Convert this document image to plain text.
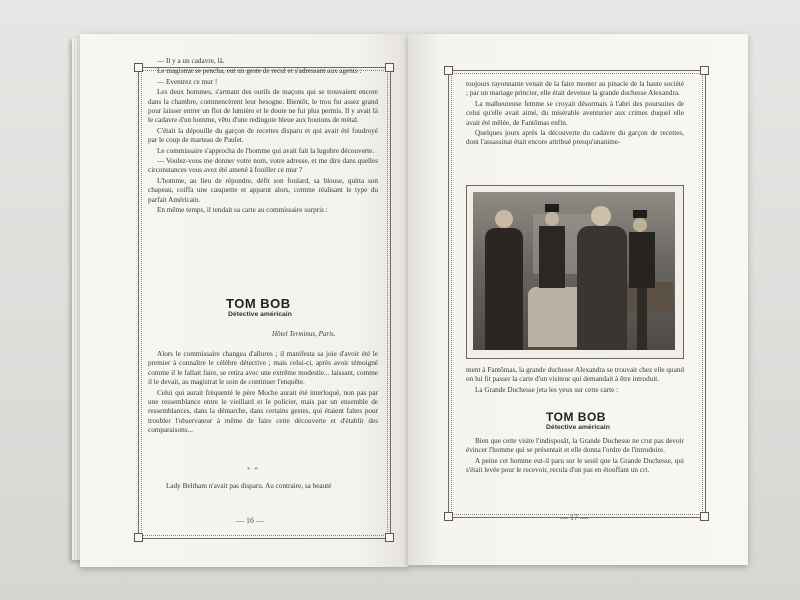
— Il y a un cadavre, là.

Le magistrat se pencha, eut un geste de recul et s'adressant aux agents :

— Eventrez ce mur !

Les deux hommes, s'armant des outils de maçons qui se trouvaient encore dans la chambre, commencèrent leur besogne. Bientôt, le trou fut assez grand pour laisser entrer un flot de lumière et le doute ne fut plus permis. Il y avait là le cadavre d'un homme, vêtu d'une redingote bleue aux boutons de métal.

C'était la dépouille du garçon de recettes disparu et qui avait été foudroyé par le coup de marteau de Paulet.

Le commissaire s'approcha de l'homme qui avait fait la lugubre découverte.

— Voulez-vous me donner votre nom, votre adresse, et me dire dans quelles circonstances vous avez été amené à fouiller ce mur ?

L'homme, au lieu de répondre, défit son foulard, sa blouse, quitta son chapeau, coiffa une casquette et apparut alors, comme réalisant le type du parfait Américain.

En même temps, il tendait sa carte au commissaire surpris :

TOM BOB
Détective américain
Hôtel Terminus, Paris.

Alors le commissaire changea d'allures ; il manifesta sa joie d'avoir été le premier à connaître le célèbre détective ; mais celui-ci, après avoir témoigné comme il le fallait faire, se retira avec une extrême modestie... laissant, comme il le devait, au magistrat le soin de continuer l'enquête.

Celui qui aurait fréquenté le père Moche aurait été interloqué, non pas par une ressemblance entre le vieillard et le policier, mais par un ensemble de ressemblances, dans la démarche, dans certains gestes, qui étaient faites pour troubler l'observateur à même de faire cette découverte et d'établir des comparaisons...

* *
Lady Beltham n'avait pas disparu. Au contraire, sa beauté
— 16 —

toujours rayonnante venait de la faire monter au pinacle de la haute société ; par un mariage princier, elle était devenue la grande duchesse Alexandra.

La malheureuse femme se croyait désormais à l'abri des poursuites de celui qu'elle avait aimé, du misérable aventurier aux crimes duquel elle avait été mêlée, de Fantômas enfin.

Quelques jours après la découverte du cadavre du garçon de recettes, dont l'assassinat était encore attribué presqu'unanime-

ment à Fantômas, la grande duchesse Alexandra se trouvait chez elle quand on lui fit passer la carte d'un visiteur qui demandait à être introduit.

La Grande Duchesse jeta les yeux sur cette carte :

TOM BOB
Détective américain

Bien que cette visite l'indisposât, la Grande Duchesse ne crut pas devoir évincer l'homme qui se présentait et elle donna l'ordre de l'introduire.

A peine cet homme eut-il paru sur le seuil que la Grande Duchesse, qui s'était levée pour le recevoir, recula d'un pas en étouffant un cri.

— 17 —
